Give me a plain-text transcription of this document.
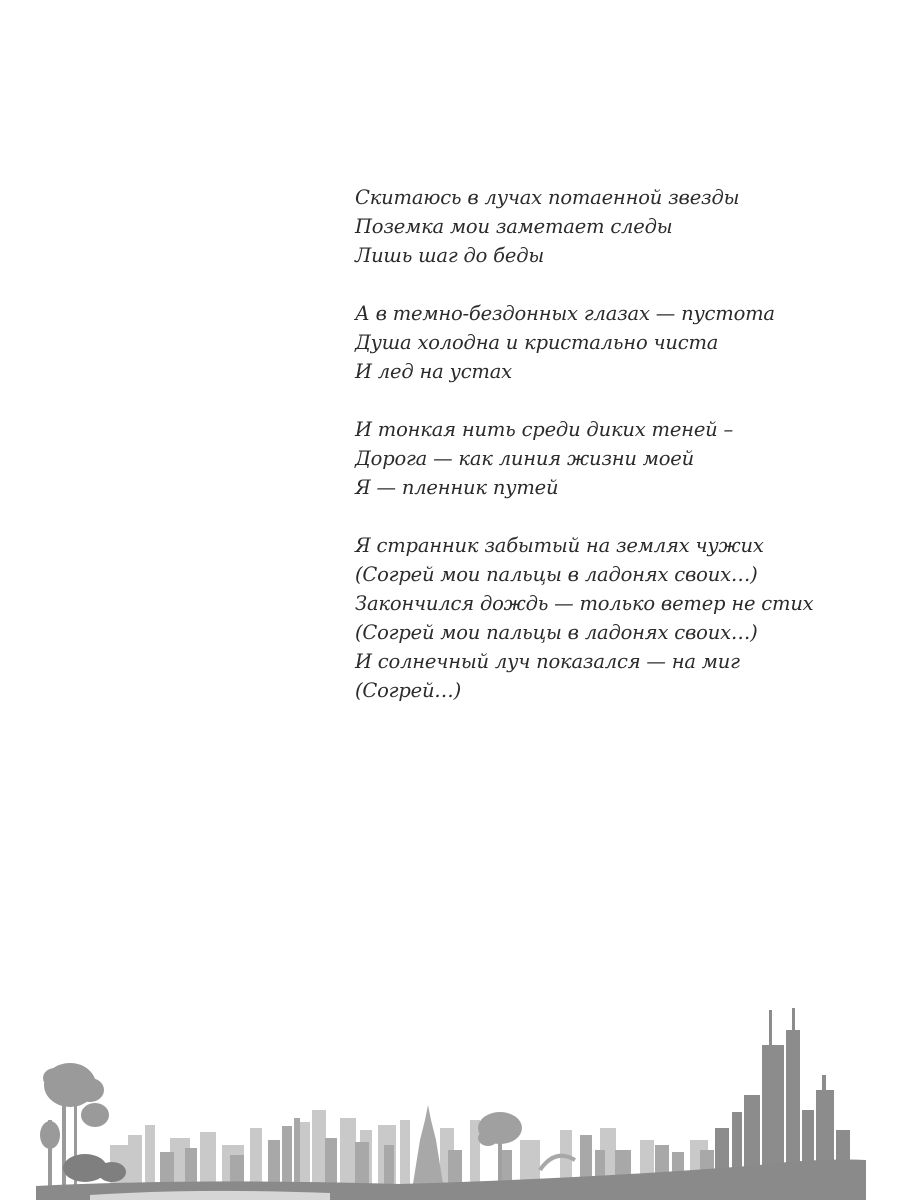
Скитаюсь в лучах потаенной звезды
Поземка мои заметает следы
Лишь шаг до беды
А в темно-бездонных глазах — пустота
Душа холодна и кристально чиста
И лед на устах
И тонкая нить среди диких теней –
Дорога — как линия жизни моей
Я — пленник путей
Я странник забытый на землях чужих
(Согрей мои пальцы в ладонях своих…)
Закончился дождь — только ветер не стих
(Согрей мои пальцы в ладонях своих…)
И солнечный луч показался — на миг
(Согрей…)
